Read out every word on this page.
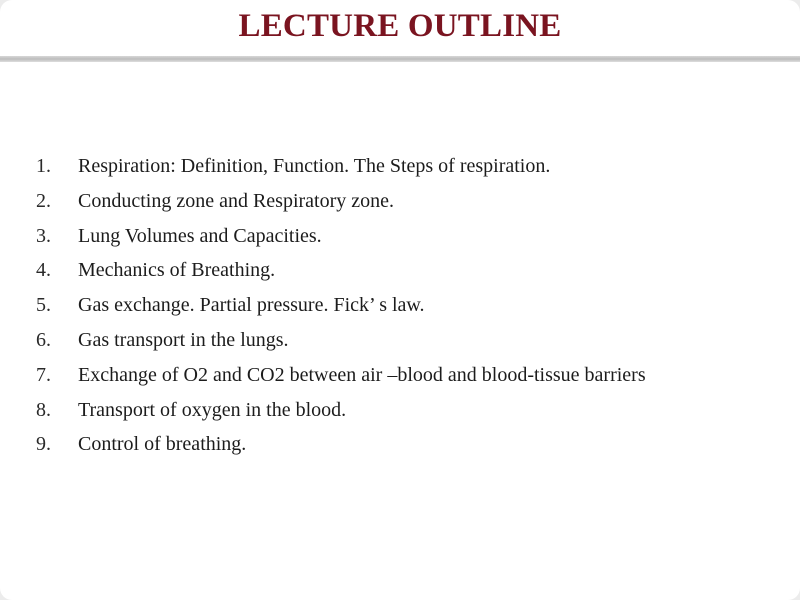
LECTURE OUTLINE
1. Respiration: Definition, Function. The Steps of respiration.
2. Conducting zone and Respiratory zone.
3. Lung Volumes and Capacities.
4. Mechanics of Breathing.
5. Gas exchange. Partial pressure. Fick’ s law.
6. Gas transport in the lungs.
7. Exchange of O2 and CO2 between air –blood and blood-tissue barriers
8. Transport of oxygen in the blood.
9. Control of breathing.
